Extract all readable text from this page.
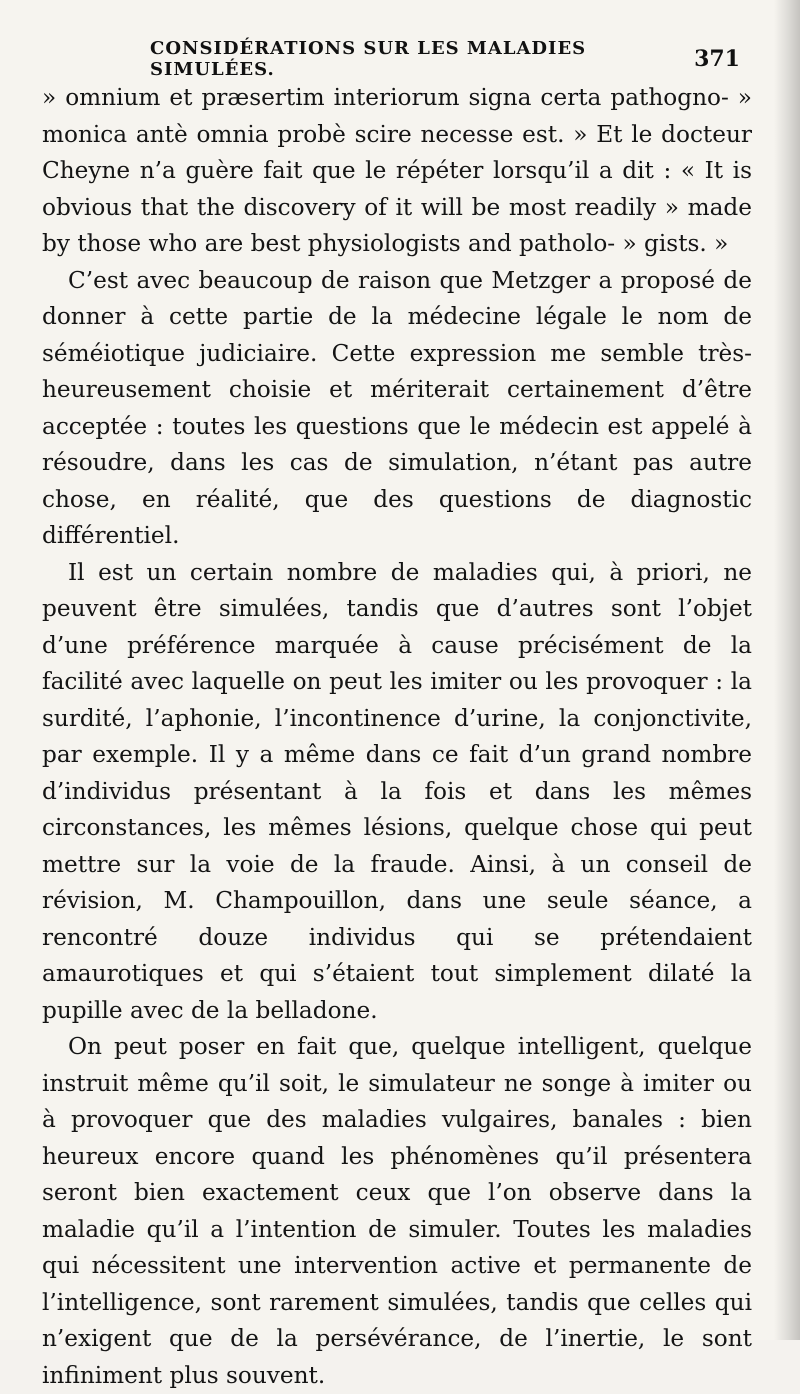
CONSIDÉRATIONS SUR LES MALADIES SIMULÉES.	371

» omnium et præsertim interiorum signa certa pathogno- » monica antè omnia probè scire necesse est. » Et le docteur Cheyne n’a guère fait que le répéter lorsqu’il a dit : « It is obvious that the discovery of it will be most readily » made by those who are best physiologists and patholo- » gists. »

C’est avec beaucoup de raison que Metzger a proposé de donner à cette partie de la médecine légale le nom de séméiotique judiciaire. Cette expression me semble très-heureusement choisie et mériterait certainement d’être acceptée : toutes les questions que le médecin est appelé à résoudre, dans les cas de simulation, n’étant pas autre chose, en réalité, que des questions de diagnostic différentiel.

Il est un certain nombre de maladies qui, à priori, ne peuvent être simulées, tandis que d’autres sont l’objet d’une préférence marquée à cause précisément de la facilité avec laquelle on peut les imiter ou les provoquer : la surdité, l’aphonie, l’incontinence d’urine, la conjonctivite, par exemple. Il y a même dans ce fait d’un grand nombre d’individus présentant à la fois et dans les mêmes circonstances, les mêmes lésions, quelque chose qui peut mettre sur la voie de la fraude. Ainsi, à un conseil de révision, M. Champouillon, dans une seule séance, a rencontré douze individus qui se prétendaient amaurotiques et qui s’étaient tout simplement dilaté la pupille avec de la belladone.

On peut poser en fait que, quelque intelligent, quelque instruit même qu’il soit, le simulateur ne songe à imiter ou à provoquer que des maladies vulgaires, banales : bien heureux encore quand les phénomènes qu’il présentera seront bien exactement ceux que l’on observe dans la maladie qu’il a l’intention de simuler. Toutes les maladies qui nécessitent une intervention active et permanente de l’intelligence, sont rarement simulées, tandis que celles qui n’exigent que de la persévérance, de l’inertie, le sont infiniment plus souvent.
